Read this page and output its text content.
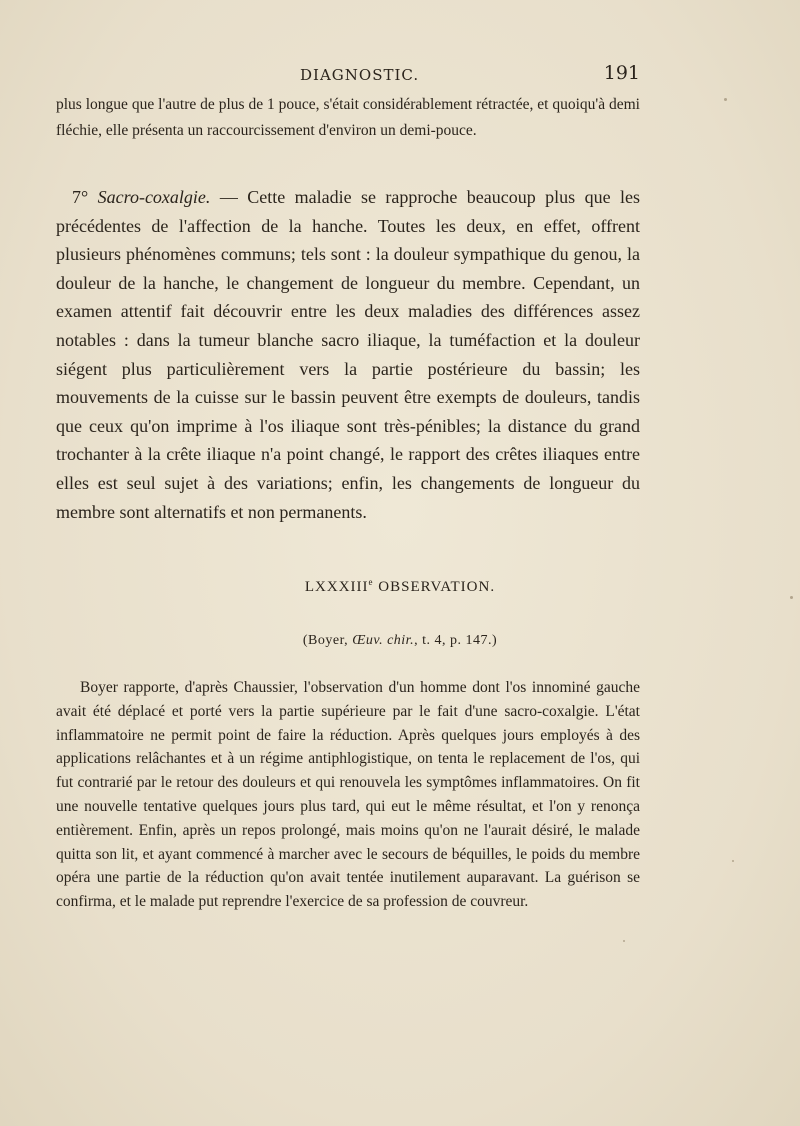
DIAGNOSTIC.	191

plus longue que l'autre de plus de 1 pouce, s'était considérablement rétractée, et quoiqu'à demi fléchie, elle présenta un raccourcissement d'environ un demi-pouce.

7° Sacro-coxalgie. — Cette maladie se rapproche beaucoup plus que les précédentes de l'affection de la hanche. Toutes les deux, en effet, offrent plusieurs phénomènes communs; tels sont : la douleur sympathique du genou, la douleur de la hanche, le changement de longueur du membre. Cependant, un examen attentif fait découvrir entre les deux maladies des différences assez notables : dans la tumeur blanche sacro iliaque, la tuméfaction et la douleur siégent plus particulièrement vers la partie postérieure du bassin; les mouvements de la cuisse sur le bassin peuvent être exempts de douleurs, tandis que ceux qu'on imprime à l'os iliaque sont très-pénibles; la distance du grand trochanter à la crête iliaque n'a point changé, le rapport des crêtes iliaques entre elles est seul sujet à des variations; enfin, les changements de longueur du membre sont alternatifs et non permanents.

LXXXIIIe OBSERVATION.
(Boyer, Œuv. chir., t. 4, p. 147.)

Boyer rapporte, d'après Chaussier, l'observation d'un homme dont l'os innominé gauche avait été déplacé et porté vers la partie supérieure par le fait d'une sacro-coxalgie. L'état inflammatoire ne permit point de faire la réduction. Après quelques jours employés à des applications relâchantes et à un régime antiphlogistique, on tenta le replacement de l'os, qui fut contrarié par le retour des douleurs et qui renouvela les symptômes inflammatoires. On fit une nouvelle tentative quelques jours plus tard, qui eut le même résultat, et l'on y renonça entièrement. Enfin, après un repos prolongé, mais moins qu'on ne l'aurait désiré, le malade quitta son lit, et ayant commencé à marcher avec le secours de béquilles, le poids du membre opéra une partie de la réduction qu'on avait tentée inutilement auparavant. La guérison se confirma, et le malade put reprendre l'exercice de sa profession de couvreur.
